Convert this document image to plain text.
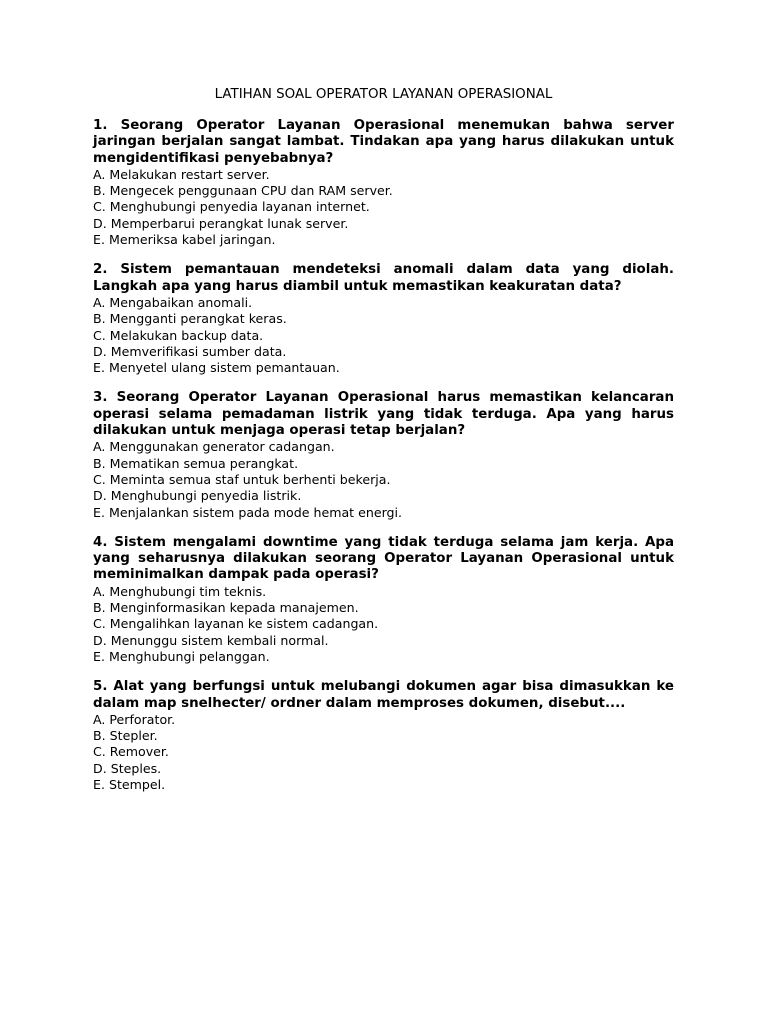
LATIHAN SOAL OPERATOR LAYANAN OPERASIONAL

1. Seorang Operator Layanan Operasional menemukan bahwa server jaringan berjalan sangat lambat. Tindakan apa yang harus dilakukan untuk mengidentifikasi penyebabnya?

A. Melakukan restart server.
B. Mengecek penggunaan CPU dan RAM server.
C. Menghubungi penyedia layanan internet.
D. Memperbarui perangkat lunak server.
E. Memeriksa kabel jaringan.

2. Sistem pemantauan mendeteksi anomali dalam data yang diolah. Langkah apa yang harus diambil untuk memastikan keakuratan data?

A. Mengabaikan anomali.
B. Mengganti perangkat keras.
C. Melakukan backup data.
D. Memverifikasi sumber data.
E. Menyetel ulang sistem pemantauan.

3. Seorang Operator Layanan Operasional harus memastikan kelancaran operasi selama pemadaman listrik yang tidak terduga. Apa yang harus dilakukan untuk menjaga operasi tetap berjalan?

A. Menggunakan generator cadangan.
B. Mematikan semua perangkat.
C. Meminta semua staf untuk berhenti bekerja.
D. Menghubungi penyedia listrik.
E. Menjalankan sistem pada mode hemat energi.

4. Sistem mengalami downtime yang tidak terduga selama jam kerja. Apa yang seharusnya dilakukan seorang Operator Layanan Operasional untuk meminimalkan dampak pada operasi?

A. Menghubungi tim teknis.
B. Menginformasikan kepada manajemen.
C. Mengalihkan layanan ke sistem cadangan.
D. Menunggu sistem kembali normal.
E. Menghubungi pelanggan.

5. Alat yang berfungsi untuk melubangi dokumen agar bisa dimasukkan ke dalam map snelhecter/ ordner dalam memproses dokumen, disebut....

A. Perforator.
B. Stepler.
C. Remover.
D. Steples.
E. Stempel.
